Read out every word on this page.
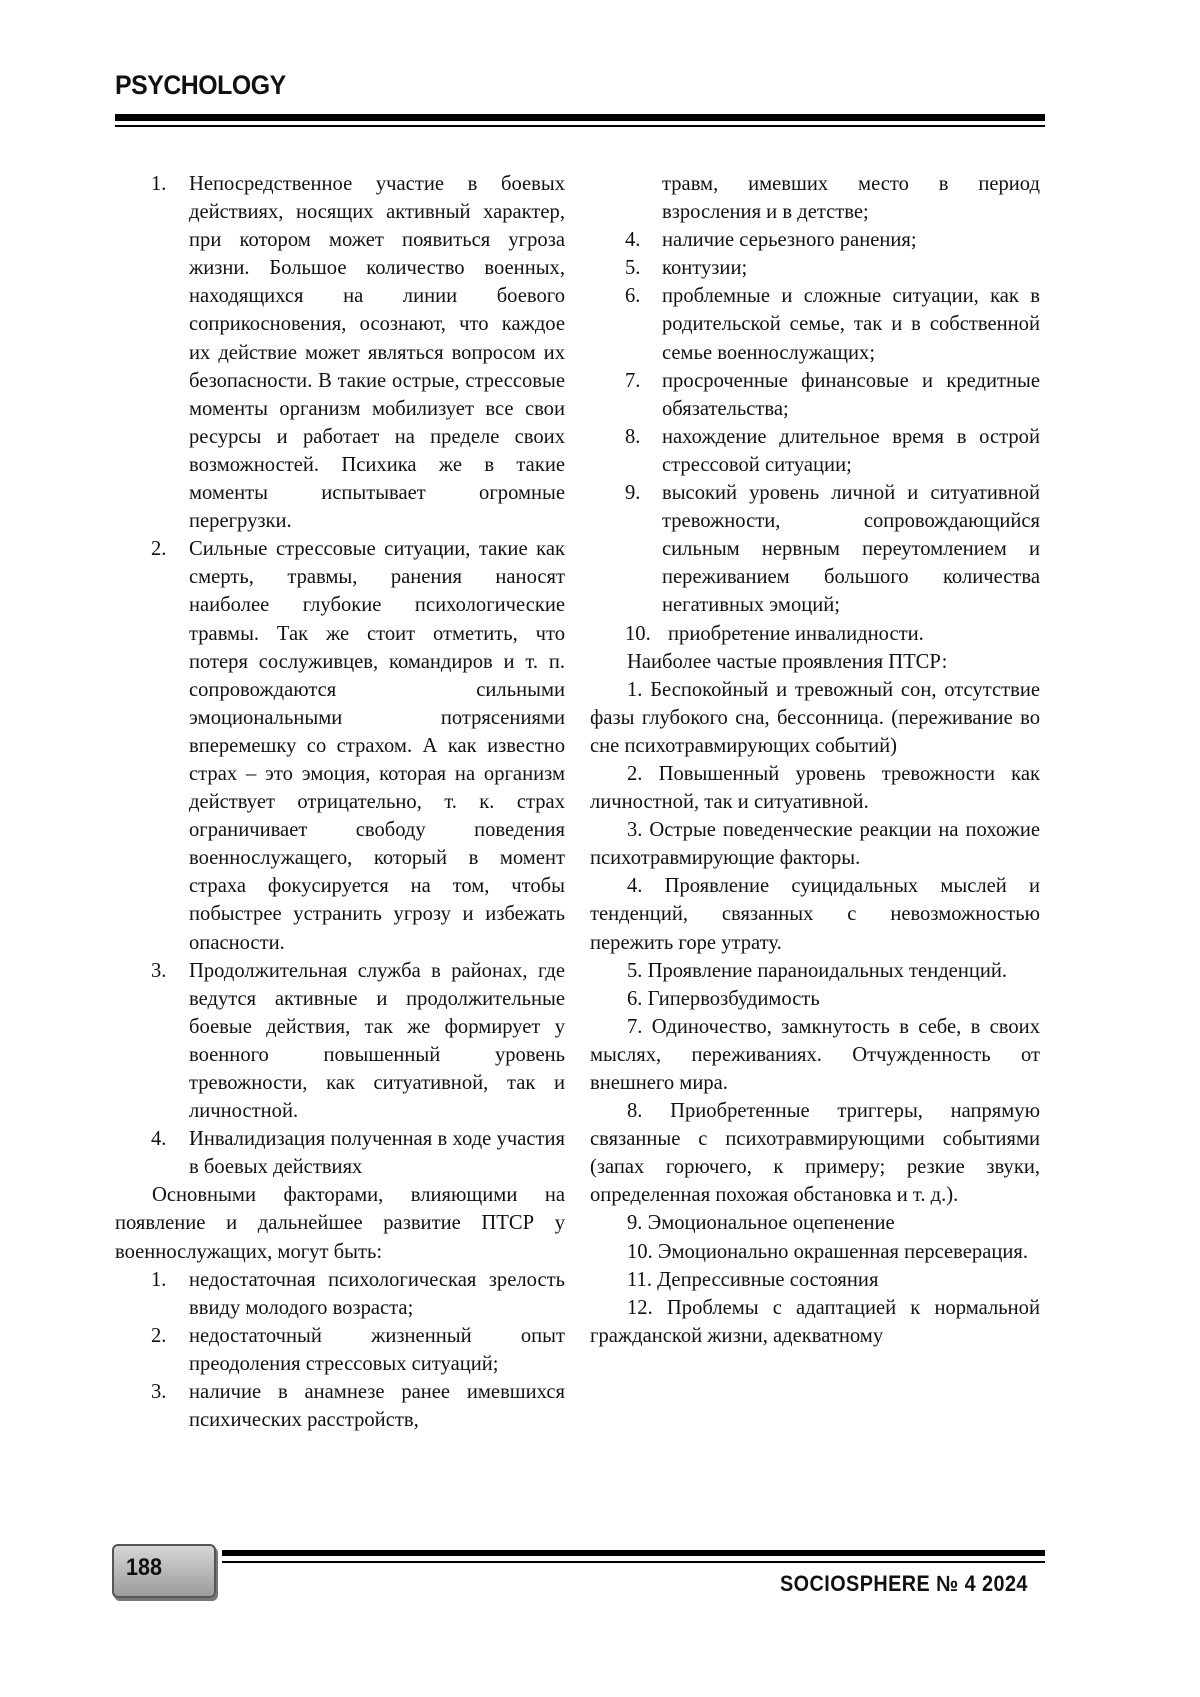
PSYCHOLOGY
1. Непосредственное участие в боевых действиях, носящих активный характер, при котором может появиться угроза жизни. Большое количество военных, находящихся на линии боевого соприкосновения, осознают, что каждое их действие может являться вопросом их безопасности. В такие острые, стрессовые моменты организм мобилизует все свои ресурсы и работает на пределе своих возможностей. Психика же в такие моменты испытывает огромные перегрузки.
2. Сильные стрессовые ситуации, такие как смерть, травмы, ранения наносят наиболее глубокие психологические травмы. Так же стоит отметить, что потеря сослуживцев, командиров и т. п. сопровождаются сильными эмоциональными потрясениями вперемешку со страхом. А как известно страх – это эмоция, которая на организм действует отрицательно, т. к. страх ограничивает свободу поведения военнослужащего, который в момент страха фокусируется на том, чтобы побыстрее устранить угрозу и избежать опасности.
3. Продолжительная служба в районах, где ведутся активные и продолжительные боевые действия, так же формирует у военного повышенный уровень тревожности, как ситуативной, так и личностной.
4. Инвалидизация полученная в ходе участия в боевых действиях

Основными факторами, влияющими на появление и дальнейшее развитие ПТСР у военнослужащих, могут быть:

1. недостаточная психологическая зрелость ввиду молодого возраста;
2. недостаточный жизненный опыт преодоления стрессовых ситуаций;
3. наличие в анамнезе ранее имевшихся психических расстройств,

травм, имевших место в период взросления и в детстве;

4. наличие серьезного ранения;
5. контузии;
6. проблемные и сложные ситуации, как в родительской семье, так и в собственной семье военнослужащих;
7. просроченные финансовые и кредитные обязательства;
8. нахождение длительное время в острой стрессовой ситуации;
9. высокий уровень личной и ситуативной тревожности, сопровождающийся сильным нервным переутомлением и переживанием большого количества негативных эмоций;
10. приобретение инвалидности.

Наиболее частые проявления ПТСР:

1. Беспокойный и тревожный сон, отсутствие фазы глубокого сна, бессонница. (переживание во сне психотравмирующих событий)

2. Повышенный уровень тревожности как личностной, так и ситуативной.

3. Острые поведенческие реакции на похожие психотравмирующие факторы.

4. Проявление суицидальных мыслей и тенденций, связанных с невозможностью пережить горе утрату.

5. Проявление параноидальных тенденций.

6. Гипервозбудимость

7. Одиночество, замкнутость в себе, в своих мыслях, переживаниях. Отчужденность от внешнего мира.

8. Приобретенные триггеры, напрямую связанные с психотравмирующими событиями (запах горючего, к примеру; резкие звуки, определенная похожая обстановка и т. д.).

9. Эмоциональное оцепенение

10. Эмоционально окрашенная персеверация.

11. Депрессивные состояния

12. Проблемы с адаптацией к нормальной гражданской жизни, адекватному

188
SOCIOSPHERE № 4 2024
